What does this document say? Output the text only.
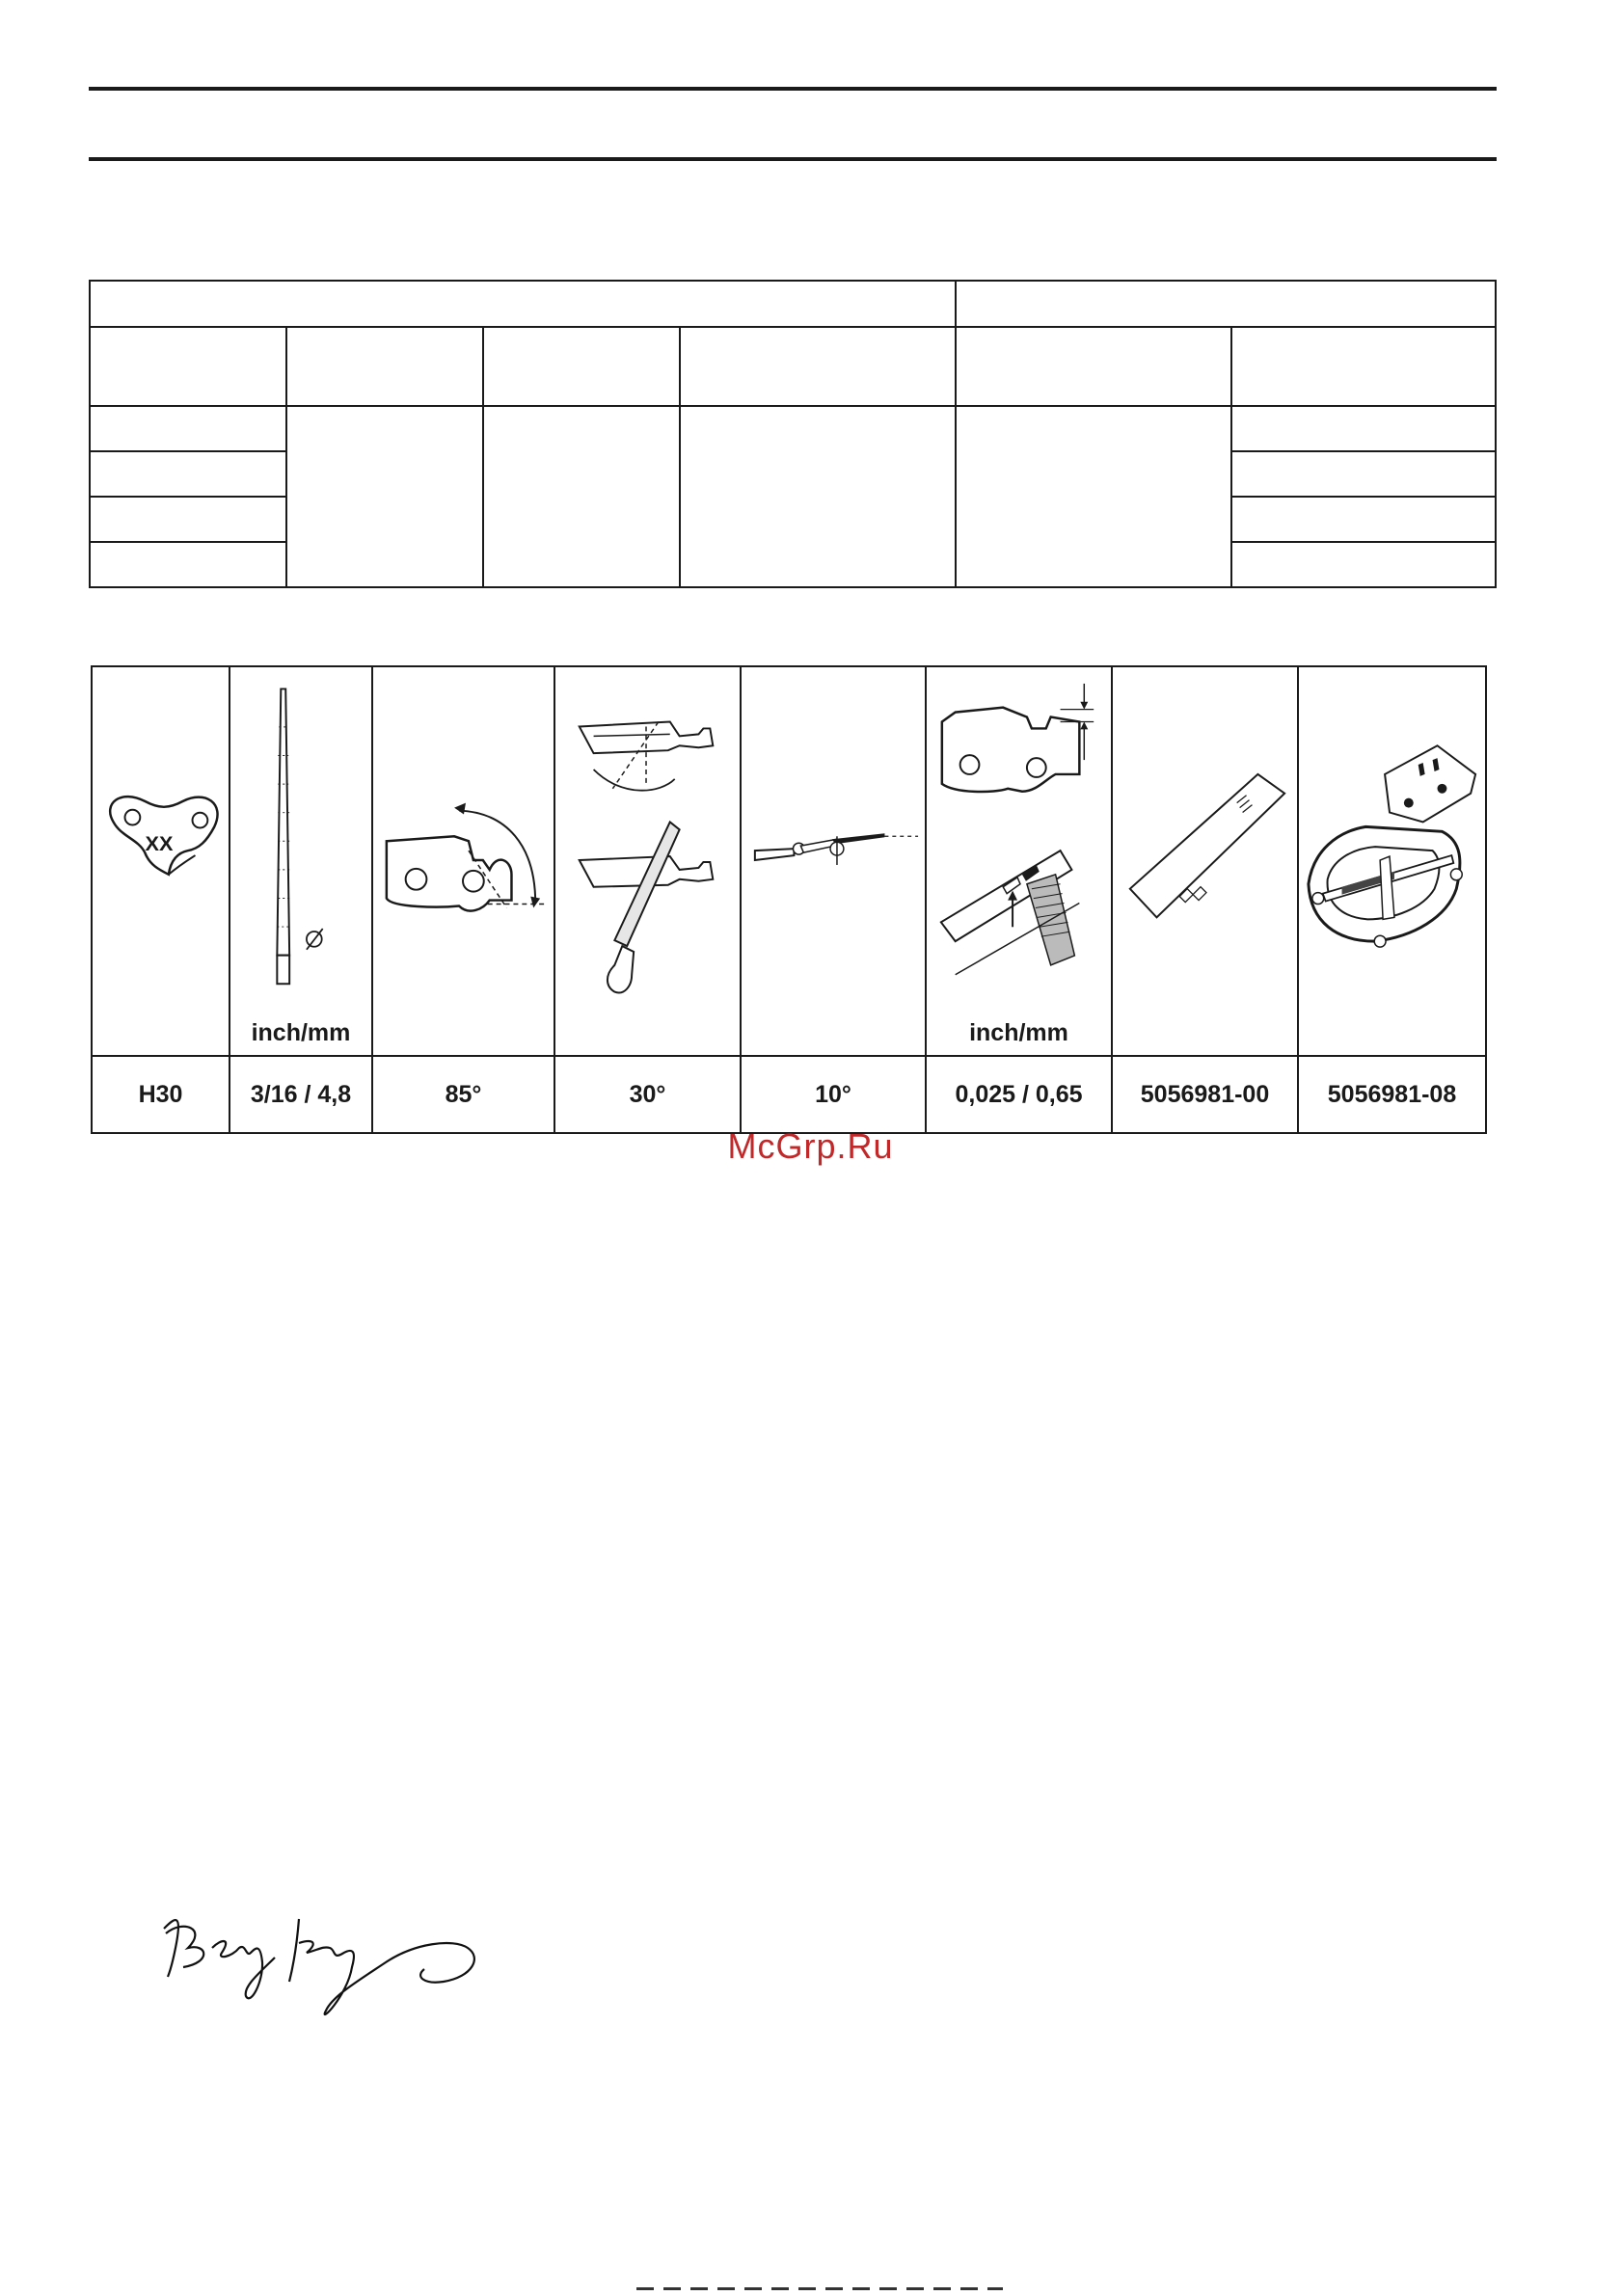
XX	inch/mm				inch/mm

H30	3/16 / 4,8	85°	30°	10°	0,025 / 0,65	5056981-00	5056981-08
McGrp.Ru
